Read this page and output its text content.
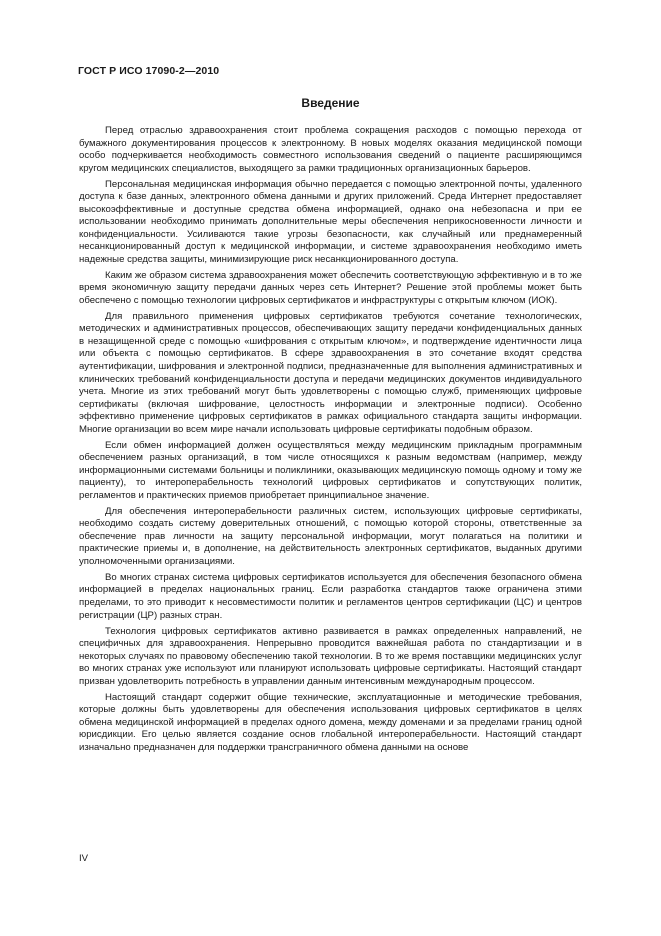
ГОСТ Р ИСО 17090-2—2010
Введение

Перед отраслью здравоохранения стоит проблема сокращения расходов с помощью перехода от бумажного документирования процессов к электронному. В новых моделях оказания медицинской помощи особо подчеркивается необходимость совместного использования сведений о пациенте расширяющимся кругом медицинских специалистов, выходящего за рамки традиционных организационных барьеров.

Персональная медицинская информация обычно передается с помощью электронной почты, удаленного доступа к базе данных, электронного обмена данными и других приложений. Среда Интернет предоставляет высокоэффективные и доступные средства обмена информацией, однако она небезопасна и при ее использовании необходимо принимать дополнительные меры обеспечения неприкосновенности личности и конфиденциальности. Усиливаются такие угрозы безопасности, как случайный или преднамеренный несанкционированный доступ к медицинской информации, и системе здравоохранения необходимо иметь надежные средства защиты, минимизирующие риск несанкционированного доступа.

Каким же образом система здравоохранения может обеспечить соответствующую эффективную и в то же время экономичную защиту передачи данных через сеть Интернет? Решение этой проблемы может быть обеспечено с помощью технологии цифровых сертификатов и инфраструктуры с открытым ключом (ИОК).

Для правильного применения цифровых сертификатов требуются сочетание технологических, методических и административных процессов, обеспечивающих защиту передачи конфиденциальных данных в незащищенной среде с помощью «шифрования с открытым ключом», и подтверждение идентичности лица или объекта с помощью сертификатов. В сфере здравоохранения в это сочетание входят средства аутентификации, шифрования и электронной подписи, предназначенные для выполнения административных и клинических требований конфиденциальности доступа и передачи медицинских документов индивидуального учета. Многие из этих требований могут быть удовлетворены с помощью служб, применяющих цифровые сертификаты (включая шифрование, целостность информации и электронные подписи). Особенно эффективно применение цифровых сертификатов в рамках официального стандарта защиты информации. Многие организации во всем мире начали использовать цифровые сертификаты подобным образом.

Если обмен информацией должен осуществляться между медицинским прикладным программным обеспечением разных организаций, в том числе относящихся к разным ведомствам (например, между информационными системами больницы и поликлиники, оказывающих медицинскую помощь одному и тому же пациенту), то интероперабельность технологий цифровых сертификатов и сопутствующих политик, регламентов и практических приемов приобретает принципиальное значение.

Для обеспечения интероперабельности различных систем, использующих цифровые сертификаты, необходимо создать систему доверительных отношений, с помощью которой стороны, ответственные за обеспечение прав личности на защиту персональной информации, могут полагаться на политики и практические приемы и, в дополнение, на действительность электронных сертификатов, выданных другими уполномоченными организациями.

Во многих странах система цифровых сертификатов используется для обеспечения безопасного обмена информацией в пределах национальных границ. Если разработка стандартов также ограничена этими пределами, то это приводит к несовместимости политик и регламентов центров сертификации (ЦС) и центров регистрации (ЦР) разных стран.

Технология цифровых сертификатов активно развивается в рамках определенных направлений, не специфичных для здравоохранения. Непрерывно проводится важнейшая работа по стандартизации и в некоторых случаях по правовому обеспечению такой технологии. В то же время поставщики медицинских услуг во многих странах уже используют или планируют использовать цифровые сертификаты. Настоящий стандарт призван удовлетворить потребность в управлении данным интенсивным международным процессом.

Настоящий стандарт содержит общие технические, эксплуатационные и методические требования, которые должны быть удовлетворены для обеспечения использования цифровых сертификатов в целях обмена медицинской информацией в пределах одного домена, между доменами и за пределами границ одной юрисдикции. Его целью является создание основ глобальной интероперабельности. Настоящий стандарт изначально предназначен для поддержки трансграничного обмена данными на основе

IV
